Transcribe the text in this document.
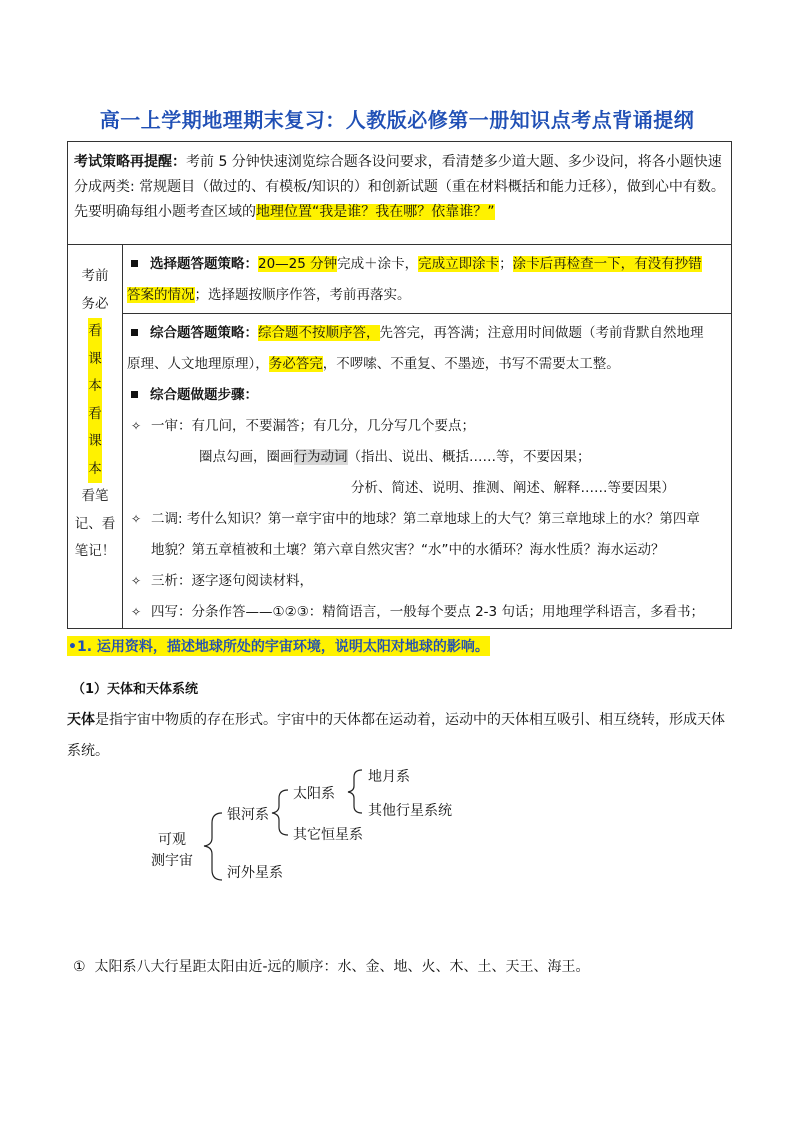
高一上学期地理期末复习：人教版必修第一册知识点考点背诵提纲
考试策略再提醒：考前 5 分钟快速浏览综合题各设问要求，看清楚多少道大题、多少设问，将各小题快速
分成两类: 常规题目（做过的、有模板/知识的）和创新试题（重在材料概括和能力迁移），做到心中有数。
先要明确每组小题考查区域的地理位置“我是谁？我在哪？依靠谁？”

考前
务必
看
课
本
看
课
本
看笔
记、看
笔记！

选择题答题策略：20—25 分钟完成＋涂卡，完成立即涂卡；涂卡后再检查一下，有没有抄错
答案的情况；选择题按顺序作答，考前再落实。

综合题答题策略：综合题不按顺序答，先答完，再答满；注意用时间做题（考前背默自然地理
原理、人文地理原理），务必答完，不啰嗦、不重复、不墨迹，书写不需要太工整。
综合题做题步骤：
✧ 一审：有几问，不要漏答；有几分，几分写几个要点；
圈点勾画，圈画行为动词（指出、说出、概括……等，不要因果；
分析、简述、说明、推测、阐述、解释……等要因果）
✧ 二调: 考什么知识？第一章宇宙中的地球？第二章地球上的大气？第三章地球上的水？第四章
地貌？第五章植被和土壤？第六章自然灾害？“水”中的水循环？海水性质？海水运动？
✧ 三析：逐字逐句阅读材料，
✧ 四写：分条作答——①②③：精简语言，一般每个要点 2-3 句话；用地理学科语言，多看书；
•1. 运用资料，描述地球所处的宇宙环境，说明太阳对地球的影响。
（1）天体和天体系统
天体是指宇宙中物质的存在形式。宇宙中的天体都在运动着，运动中的天体相互吸引、相互绕转，形成天体系统。
可观
测宇宙
银河系
河外星系
太阳系
其它恒星系
地月系
其他行星系统
① 太阳系八大行星距太阳由近-远的顺序：水、金、地、火、木、土、天王、海王。
